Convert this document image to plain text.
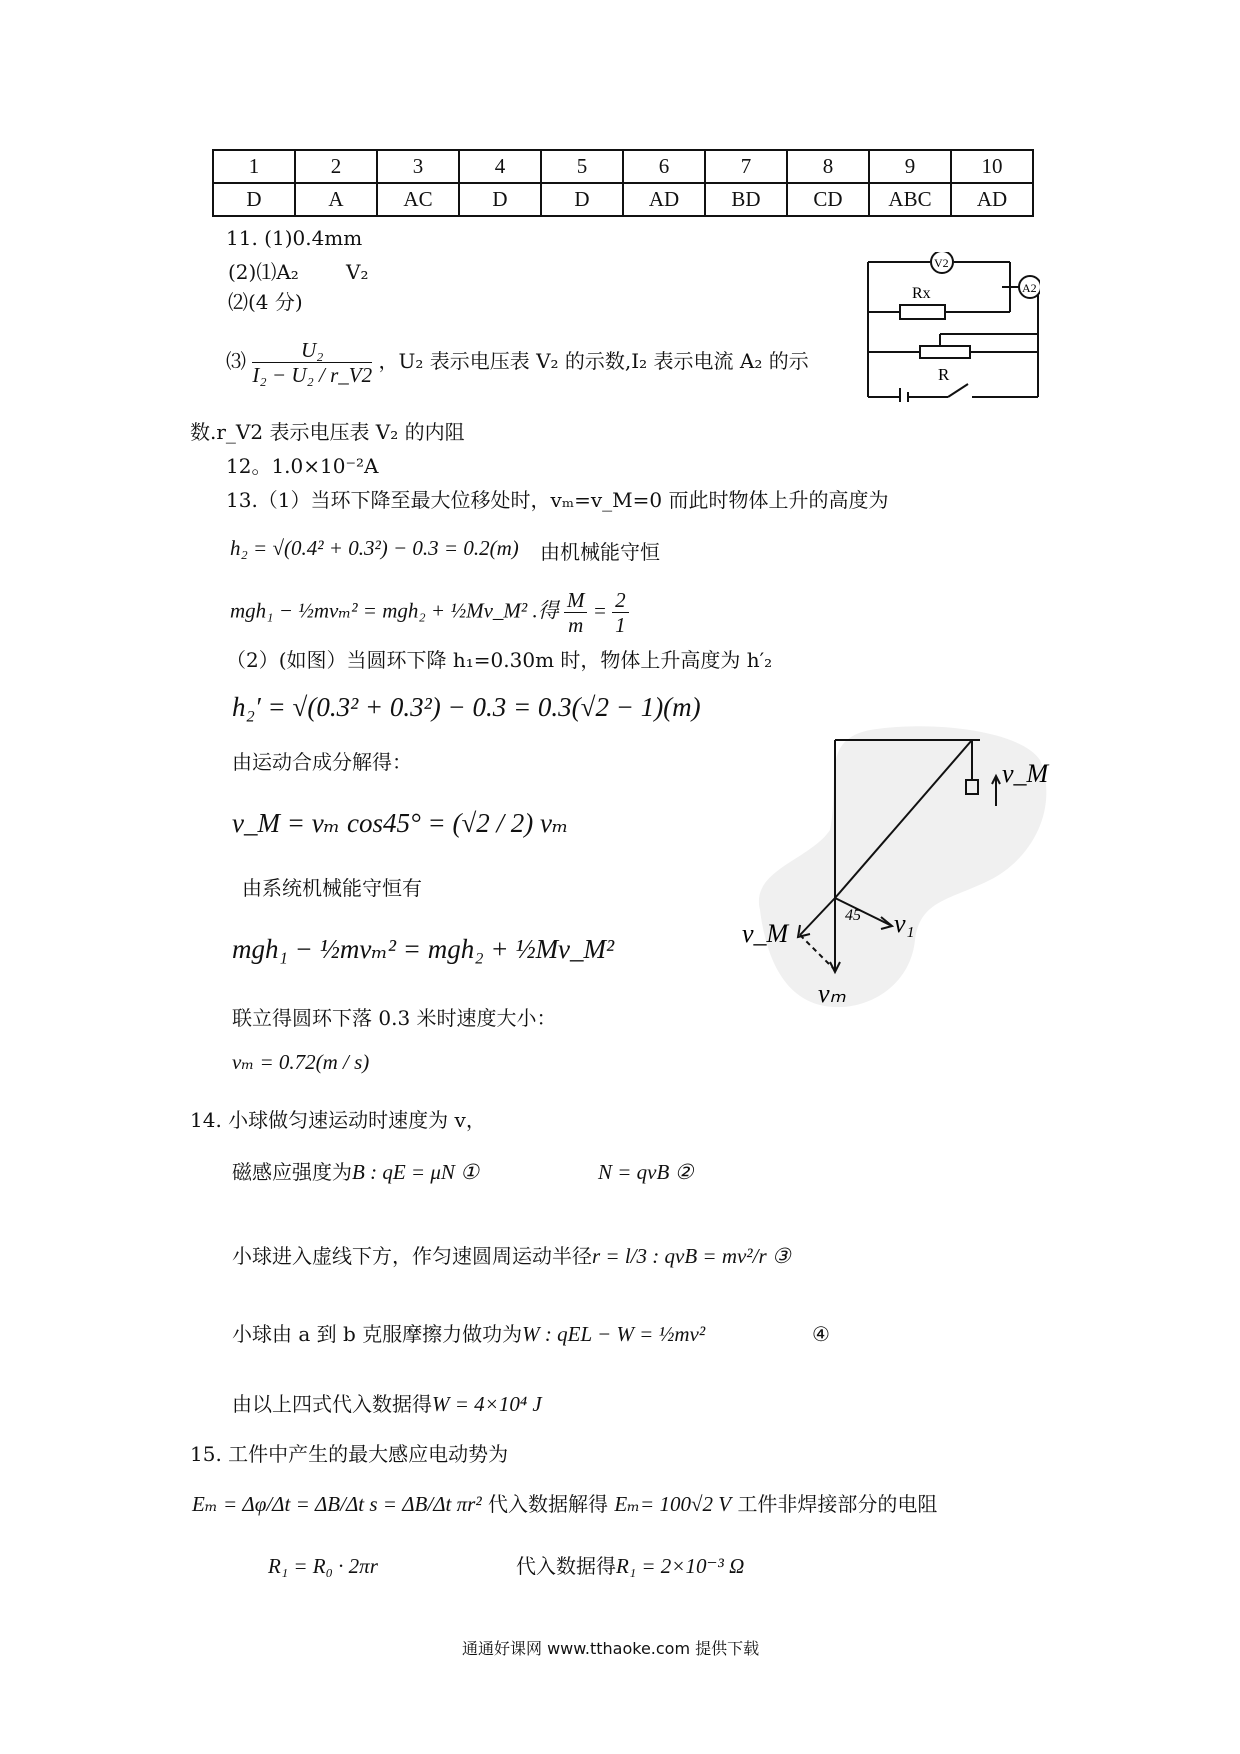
1	2	3	4	5	6	7	8	9	10
D	A	AC	D	D	AD	BD	CD	ABC	AD
11. (1)0.4mm
(2)⑴A₂ V₂
⑵(4 分)
⑶ $\frac{\text{U₂}}{\text{I₂ − U₂ / r\_V2}}$ ，U₂ 表示电压表 V₂ 的示数,I₂ 表示电流 A₂ 的示
数.r_V2 表示电压表 V₂ 的内阻
V2
A2
Rx
R
12。1.0×10⁻²A
13.（1）当环下降至最大位移处时，vₘ=v_M=0 而此时物体上升的高度为
h₂ = √(0.4² + 0.3²) − 0.3 = 0.2(m) 由机械能守恒
mgh₁ − ½mvₘ² = mgh₂ + ½Mv_M² .得 $\frac{M}{m} = \frac{2}{1}$
（2）(如图）当圆环下降 h₁=0.30m 时，物体上升高度为 h′₂
h₂′ = √(0.3² + 0.3²) − 0.3 = 0.3(√2 − 1)(m)
由运动合成分解得：
v_M = vₘ cos45° = (√2 / 2) vₘ
由系统机械能守恒有
mgh₁ − ½mvₘ² = mgh₂ + ½Mv_M²
联立得圆环下落 0.3 米时速度大小：
vₘ = 0.72(m / s)
45
v_M
v_M	v₁
vₘ
14. 小球做匀速运动时速度为 v，
磁感应强度为B : qE = μN ①	N = qvB ②
小球进入虚线下方，作匀速圆周运动半径r = l/3 : qvB = mv²/r ③
小球由 a 到 b 克服摩擦力做功为W : qEL − W = ½mv²	④
由以上四式代入数据得W = 4×10⁴ J
15. 工件中产生的最大感应电动势为
Eₘ = Δφ/Δt = ΔB/Δt s = ΔB/Δt πr² 代入数据解得 Eₘ= 100√2 V 工件非焊接部分的电阻
R₁ = R₀ · 2πr	代入数据得R₁ = 2×10⁻³ Ω
通通好课网 www.tthaoke.com 提供下载
